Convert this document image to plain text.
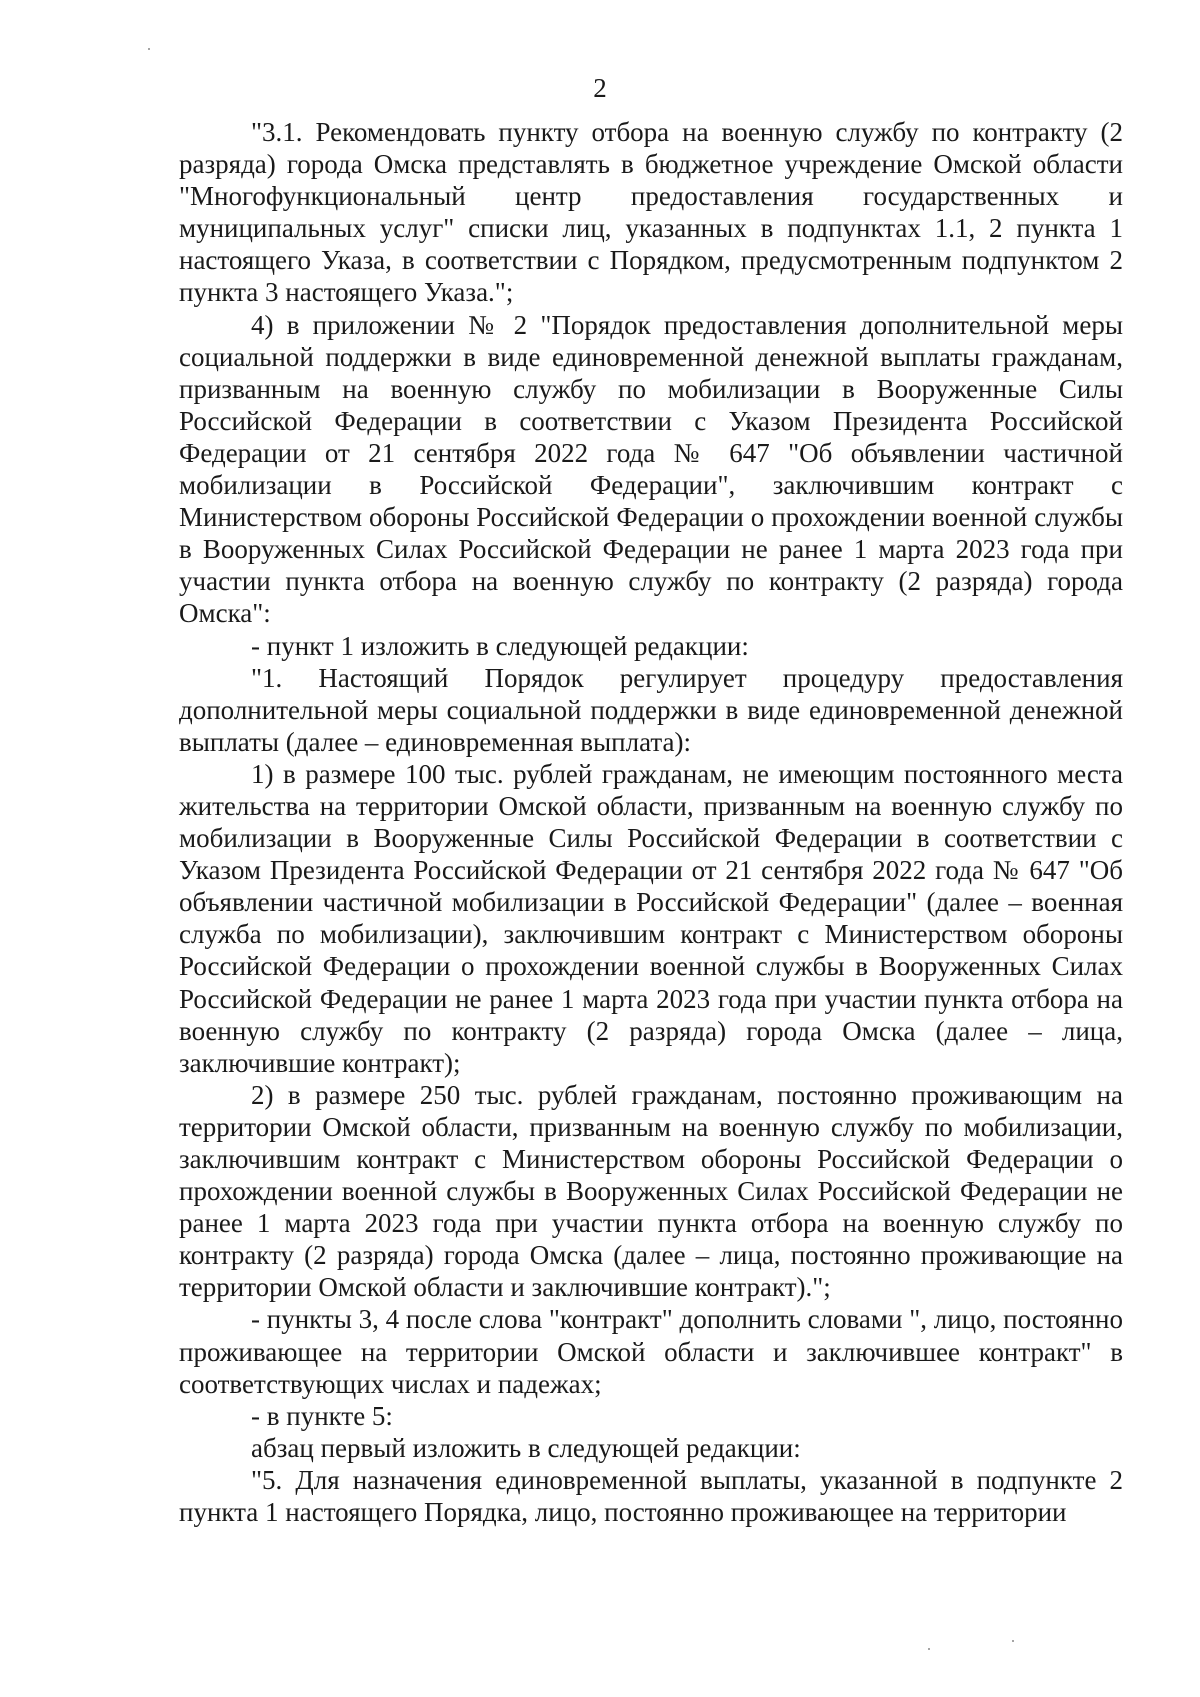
2

"3.1. Рекомендовать пункту отбора на военную службу по контракту (2 разряда) города Омска представлять в бюджетное учреждение Омской области "Многофункциональный центр предоставления государственных и муниципальных услуг" списки лиц, указанных в подпунктах 1.1, 2 пункта 1 настоящего Указа, в соответствии с Порядком, предусмотренным подпунктом 2 пункта 3 настоящего Указа.";

4) в приложении № 2 "Порядок предоставления дополнительной меры социальной поддержки в виде единовременной денежной выплаты гражданам, призванным на военную службу по мобилизации в Вооруженные Силы Российской Федерации в соответствии с Указом Президента Российской Федерации от 21 сентября 2022 года № 647 "Об объявлении частичной мобилизации в Российской Федерации", заключившим контракт с Министерством обороны Российской Федерации о прохождении военной службы в Вооруженных Силах Российской Федерации не ранее 1 марта 2023 года при участии пункта отбора на военную службу по контракту (2 разряда) города Омска":

- пункт 1 изложить в следующей редакции:

"1. Настоящий Порядок регулирует процедуру предоставления дополнительной меры социальной поддержки в виде единовременной денежной выплаты (далее – единовременная выплата):

1) в размере 100 тыс. рублей гражданам, не имеющим постоянного места жительства на территории Омской области, призванным на военную службу по мобилизации в Вооруженные Силы Российской Федерации в соответствии с Указом Президента Российской Федерации от 21 сентября 2022 года № 647 "Об объявлении частичной мобилизации в Российской Федерации" (далее – военная служба по мобилизации), заключившим контракт с Министерством обороны Российской Федерации о прохождении военной службы в Вооруженных Силах Российской Федерации не ранее 1 марта 2023 года при участии пункта отбора на военную службу по контракту (2 разряда) города Омска (далее – лица, заключившие контракт);

2) в размере 250 тыс. рублей гражданам, постоянно проживающим на территории Омской области, призванным на военную службу по мобилизации, заключившим контракт с Министерством обороны Российской Федерации о прохождении военной службы в Вооруженных Силах Российской Федерации не ранее 1 марта 2023 года при участии пункта отбора на военную службу по контракту (2 разряда) города Омска (далее – лица, постоянно проживающие на территории Омской области и заключившие контракт).";

- пункты 3, 4 после слова "контракт" дополнить словами ", лицо, постоянно проживающее на территории Омской области и заключившее контракт" в соответствующих числах и падежах;

- в пункте 5:

абзац первый изложить в следующей редакции:

"5. Для назначения единовременной выплаты, указанной в подпункте 2 пункта 1 настоящего Порядка, лицо, постоянно проживающее на территории
